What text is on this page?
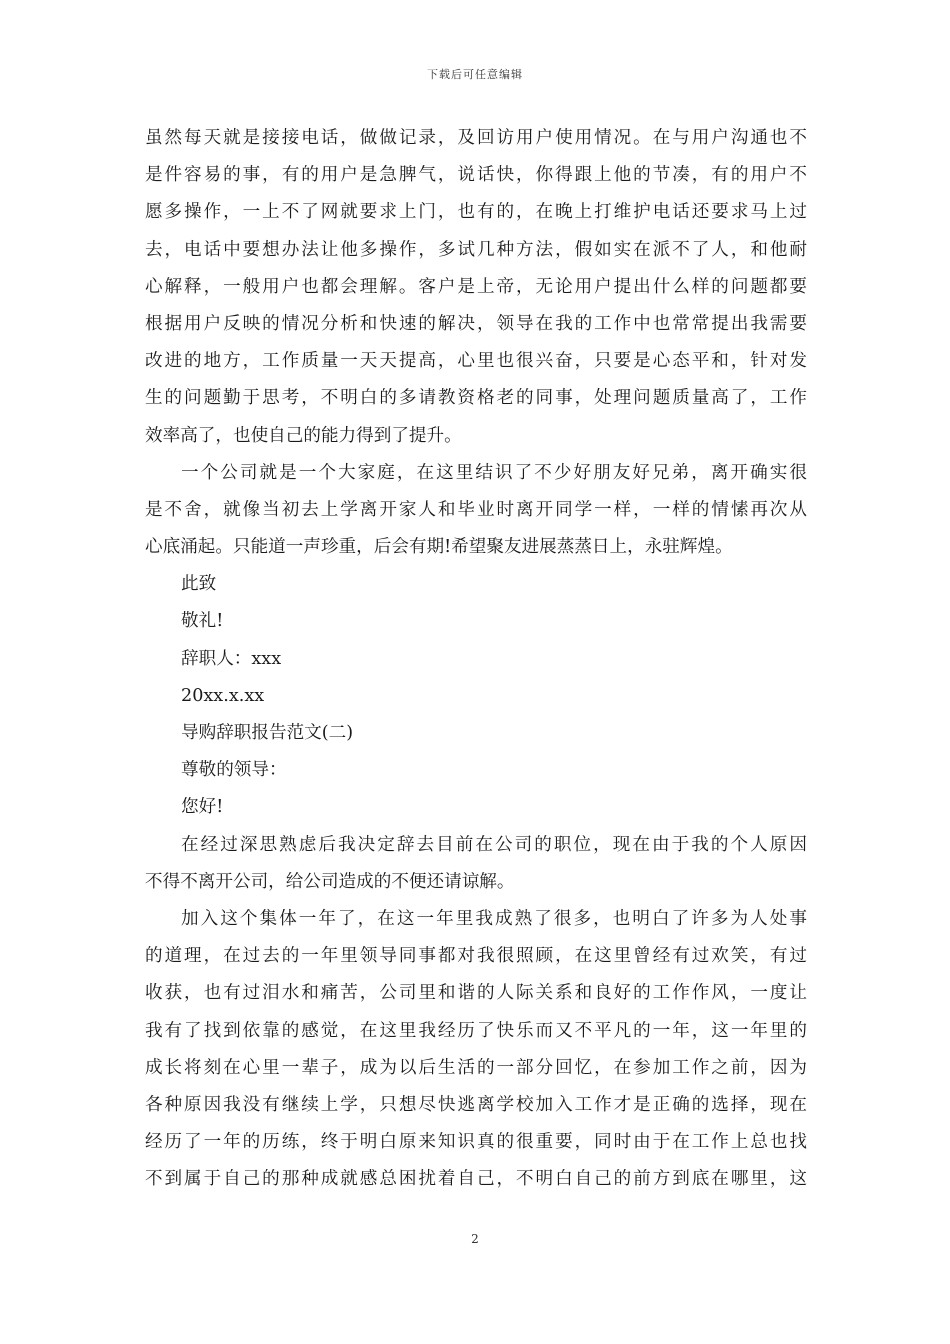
下载后可任意编辑
虽然每天就是接接电话，做做记录，及回访用户使用情况。在与用户沟通也不
是件容易的事，有的用户是急脾气，说话快，你得跟上他的节凑，有的用户不
愿多操作，一上不了网就要求上门，也有的，在晚上打维护电话还要求马上过
去，电话中要想办法让他多操作，多试几种方法，假如实在派不了人，和他耐
心解释，一般用户也都会理解。客户是上帝，无论用户提出什么样的问题都要
根据用户反映的情况分析和快速的解决，领导在我的工作中也常常提出我需要
改进的地方，工作质量一天天提高，心里也很兴奋，只要是心态平和，针对发
生的问题勤于思考，不明白的多请教资格老的同事，处理问题质量高了，工作
效率高了，也使自己的能力得到了提升。
一个公司就是一个大家庭，在这里结识了不少好朋友好兄弟，离开确实很
是不舍，就像当初去上学离开家人和毕业时离开同学一样，一样的情愫再次从
心底涌起。只能道一声珍重，后会有期!希望聚友进展蒸蒸日上，永驻辉煌。
此致
敬礼!
辞职人：xxx
20xx.x.xx
导购辞职报告范文(二)
尊敬的领导：
您好!
在经过深思熟虑后我决定辞去目前在公司的职位，现在由于我的个人原因
不得不离开公司，给公司造成的不便还请谅解。
加入这个集体一年了，在这一年里我成熟了很多，也明白了许多为人处事
的道理，在过去的一年里领导同事都对我很照顾，在这里曾经有过欢笑，有过
收获，也有过泪水和痛苦，公司里和谐的人际关系和良好的工作作风，一度让
我有了找到依靠的感觉，在这里我经历了快乐而又不平凡的一年，这一年里的
成长将刻在心里一辈子，成为以后生活的一部分回忆，在参加工作之前，因为
各种原因我没有继续上学，只想尽快逃离学校加入工作才是正确的选择，现在
经历了一年的历练，终于明白原来知识真的很重要，同时由于在工作上总也找
不到属于自己的那种成就感总困扰着自己，不明白自己的前方到底在哪里，这
2
